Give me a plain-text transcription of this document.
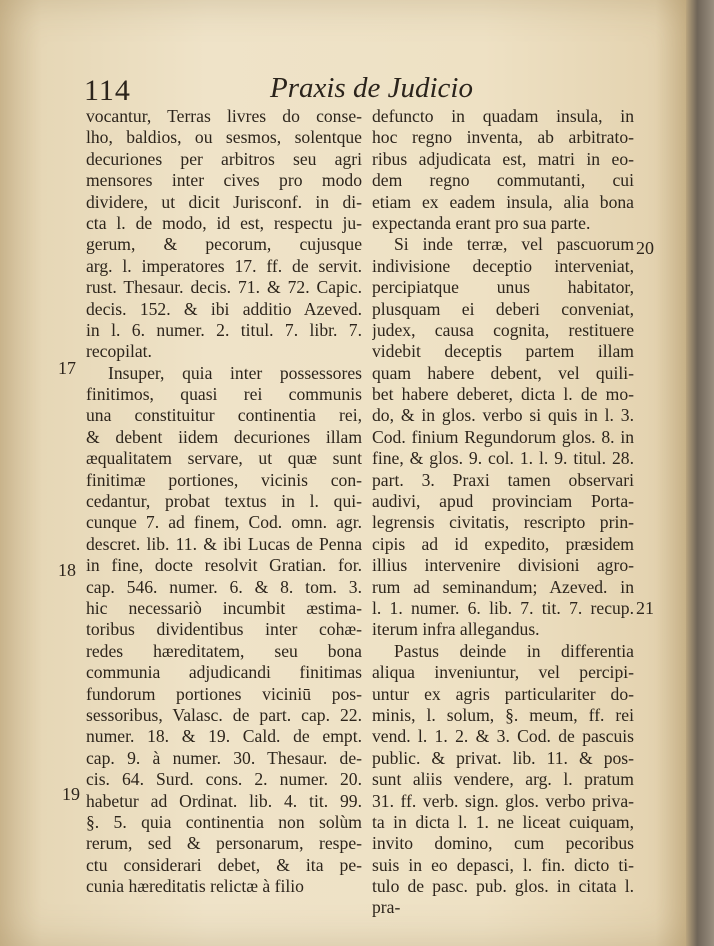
114	Praxis de Judicio
17
18
19
20
21
vocantur, Terras livres do conse-
lho, baldios, ou sesmos, solentque
decuriones per arbitros seu agri
mensores inter cives pro modo
dividere, ut dicit Jurisconf. in di-
cta l. de modo, id est, respectu ju-
gerum, & pecorum, cujusque
arg. l. imperatores 17. ff. de servit.
rust. Thesaur. decis. 71. & 72. Capic.
decis. 152. & ibi additio Azeved.
in l. 6. numer. 2. titul. 7. libr. 7.
recopilat.
Insuper, quia inter possessores
finitimos, quasi rei communis
una constituitur continentia rei,
& debent iidem decuriones illam
æqualitatem servare, ut quæ sunt
finitimæ portiones, vicinis con-
cedantur, probat textus in l. qui-
cunque 7. ad finem, Cod. omn. agr.
descret. lib. 11. & ibi Lucas de Penna
in fine, docte resolvit Gratian. for.
cap. 546. numer. 6. & 8. tom. 3.
hic necessariò incumbit æstima-
toribus dividentibus inter cohæ-
redes hæreditatem, seu bona
communia adjudicandi finitimas
fundorum portiones viciniū pos-
sessoribus, Valasc. de part. cap. 22.
numer. 18. & 19. Cald. de empt.
cap. 9. à numer. 30. Thesaur. de-
cis. 64. Surd. cons. 2. numer. 20.
habetur ad Ordinat. lib. 4. tit. 99.
§. 5. quia continentia non solùm
rerum, sed & personarum, respe-
ctu considerari debet, & ita pe-
cunia hæreditatis relictæ à filio
defuncto in quadam insula, in
hoc regno inventa, ab arbitrato-
ribus adjudicata est, matri in eo-
dem regno commutanti, cui
etiam ex eadem insula, alia bona
expectanda erant pro sua parte.
Si inde terræ, vel pascuorum
indivisione deceptio interveniat,
percipiatque unus habitator,
plusquam ei deberi conveniat,
judex, causa cognita, restituere
videbit deceptis partem illam
quam habere debent, vel quili-
bet habere deberet, dicta l. de mo-
do, & in glos. verbo si quis in l. 3.
Cod. finium Regundorum glos. 8. in
fine, & glos. 9. col. 1. l. 9. titul. 28.
part. 3. Praxi tamen observari
audivi, apud provinciam Porta-
legrensis civitatis, rescripto prin-
cipis ad id expedito, præsidem
illius intervenire divisioni agro-
rum ad seminandum; Azeved. in
l. 1. numer. 6. lib. 7. tit. 7. recup.
iterum infra allegandus.
Pastus deinde in differentia
aliqua inveniuntur, vel percipi-
untur ex agris particulariter do-
minis, l. solum, §. meum, ff. rei
vend. l. 1. 2. & 3. Cod. de pascuis
public. & privat. lib. 11. & pos-
sunt aliis vendere, arg. l. pratum
31. ff. verb. sign. glos. verbo priva-
ta in dicta l. 1. ne liceat cuiquam,
invito domino, cum pecoribus
suis in eo depasci, l. fin. dicto ti-
tulo de pasc. pub. glos. in citata l.
pra-
